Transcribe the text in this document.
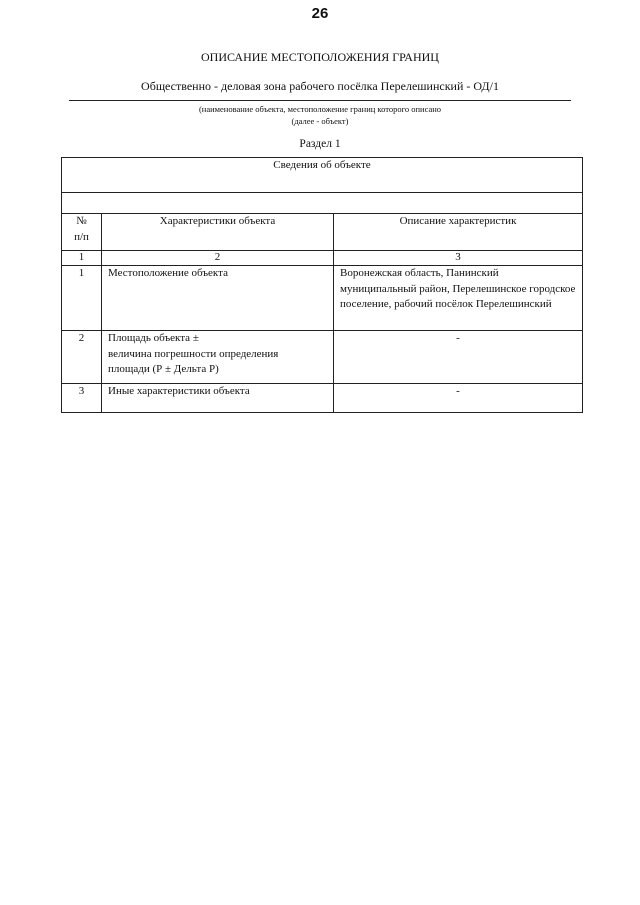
26
ОПИСАНИЕ МЕСТОПОЛОЖЕНИЯ ГРАНИЦ
Общественно - деловая зона рабочего посёлка Перелешинский - ОД/1
(наименование объекта, местоположение границ которого описано
(далее - объект)
Раздел 1
Сведения об объекте		

№
п/п	Характеристики объекта	Описание характеристик
1	2	3
1	Местоположение объекта	Воронежская область, Панинский муниципальный район, Перелешинское городское поселение, рабочий посёлок Перелешинский
2	Площадь объекта ±
величина погрешности определения
площади (Р ± Дельта Р)	-
3	Иные характеристики объекта	-
